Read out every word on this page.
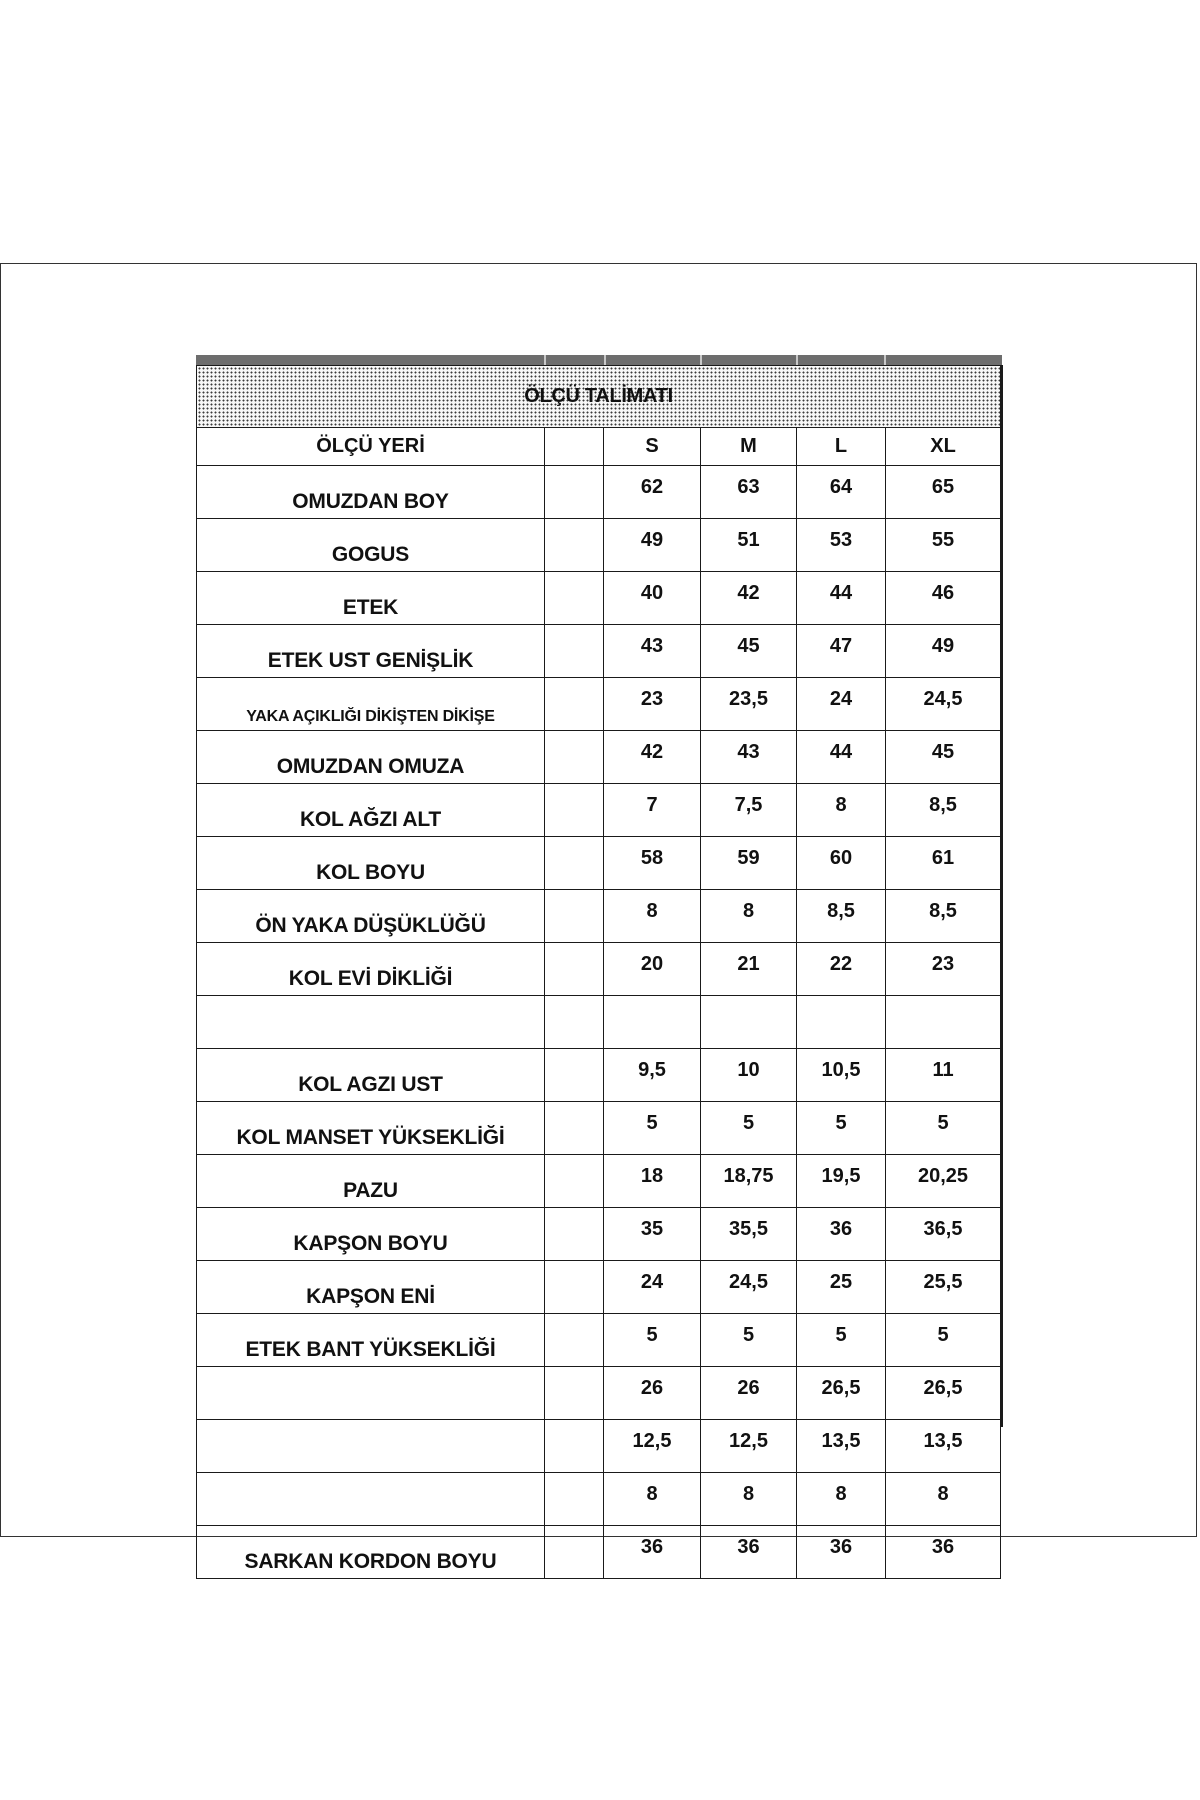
ÖLÇÜ TALİMATI					
ÖLÇÜ YERİ		S	M	L	XL
OMUZDAN BOY		62	63	64	65
GOGUS		49	51	53	55
ETEK		40	42	44	46
ETEK UST GENİŞLİK		43	45	47	49
YAKA AÇIKLIĞI DİKİŞTEN DİKİŞE		23	23,5	24	24,5
OMUZDAN OMUZA		42	43	44	45
KOL AĞZI ALT		7	7,5	8	8,5
KOL BOYU		58	59	60	61
ÖN YAKA DÜŞÜKLÜĞÜ		8	8	8,5	8,5
KOL EVİ DİKLİĞİ		20	21	22	23

KOL AGZI UST		9,5	10	10,5	11
KOL MANSET YÜKSEKLİĞİ		5	5	5	5
PAZU		18	18,75	19,5	20,25
KAPŞON BOYU		35	35,5	36	36,5
KAPŞON ENİ		24	24,5	25	25,5
ETEK BANT YÜKSEKLİĞİ		5	5	5	5
		26	26	26,5	26,5
		12,5	12,5	13,5	13,5
		8	8	8	8
SARKAN KORDON BOYU		36	36	36	36
